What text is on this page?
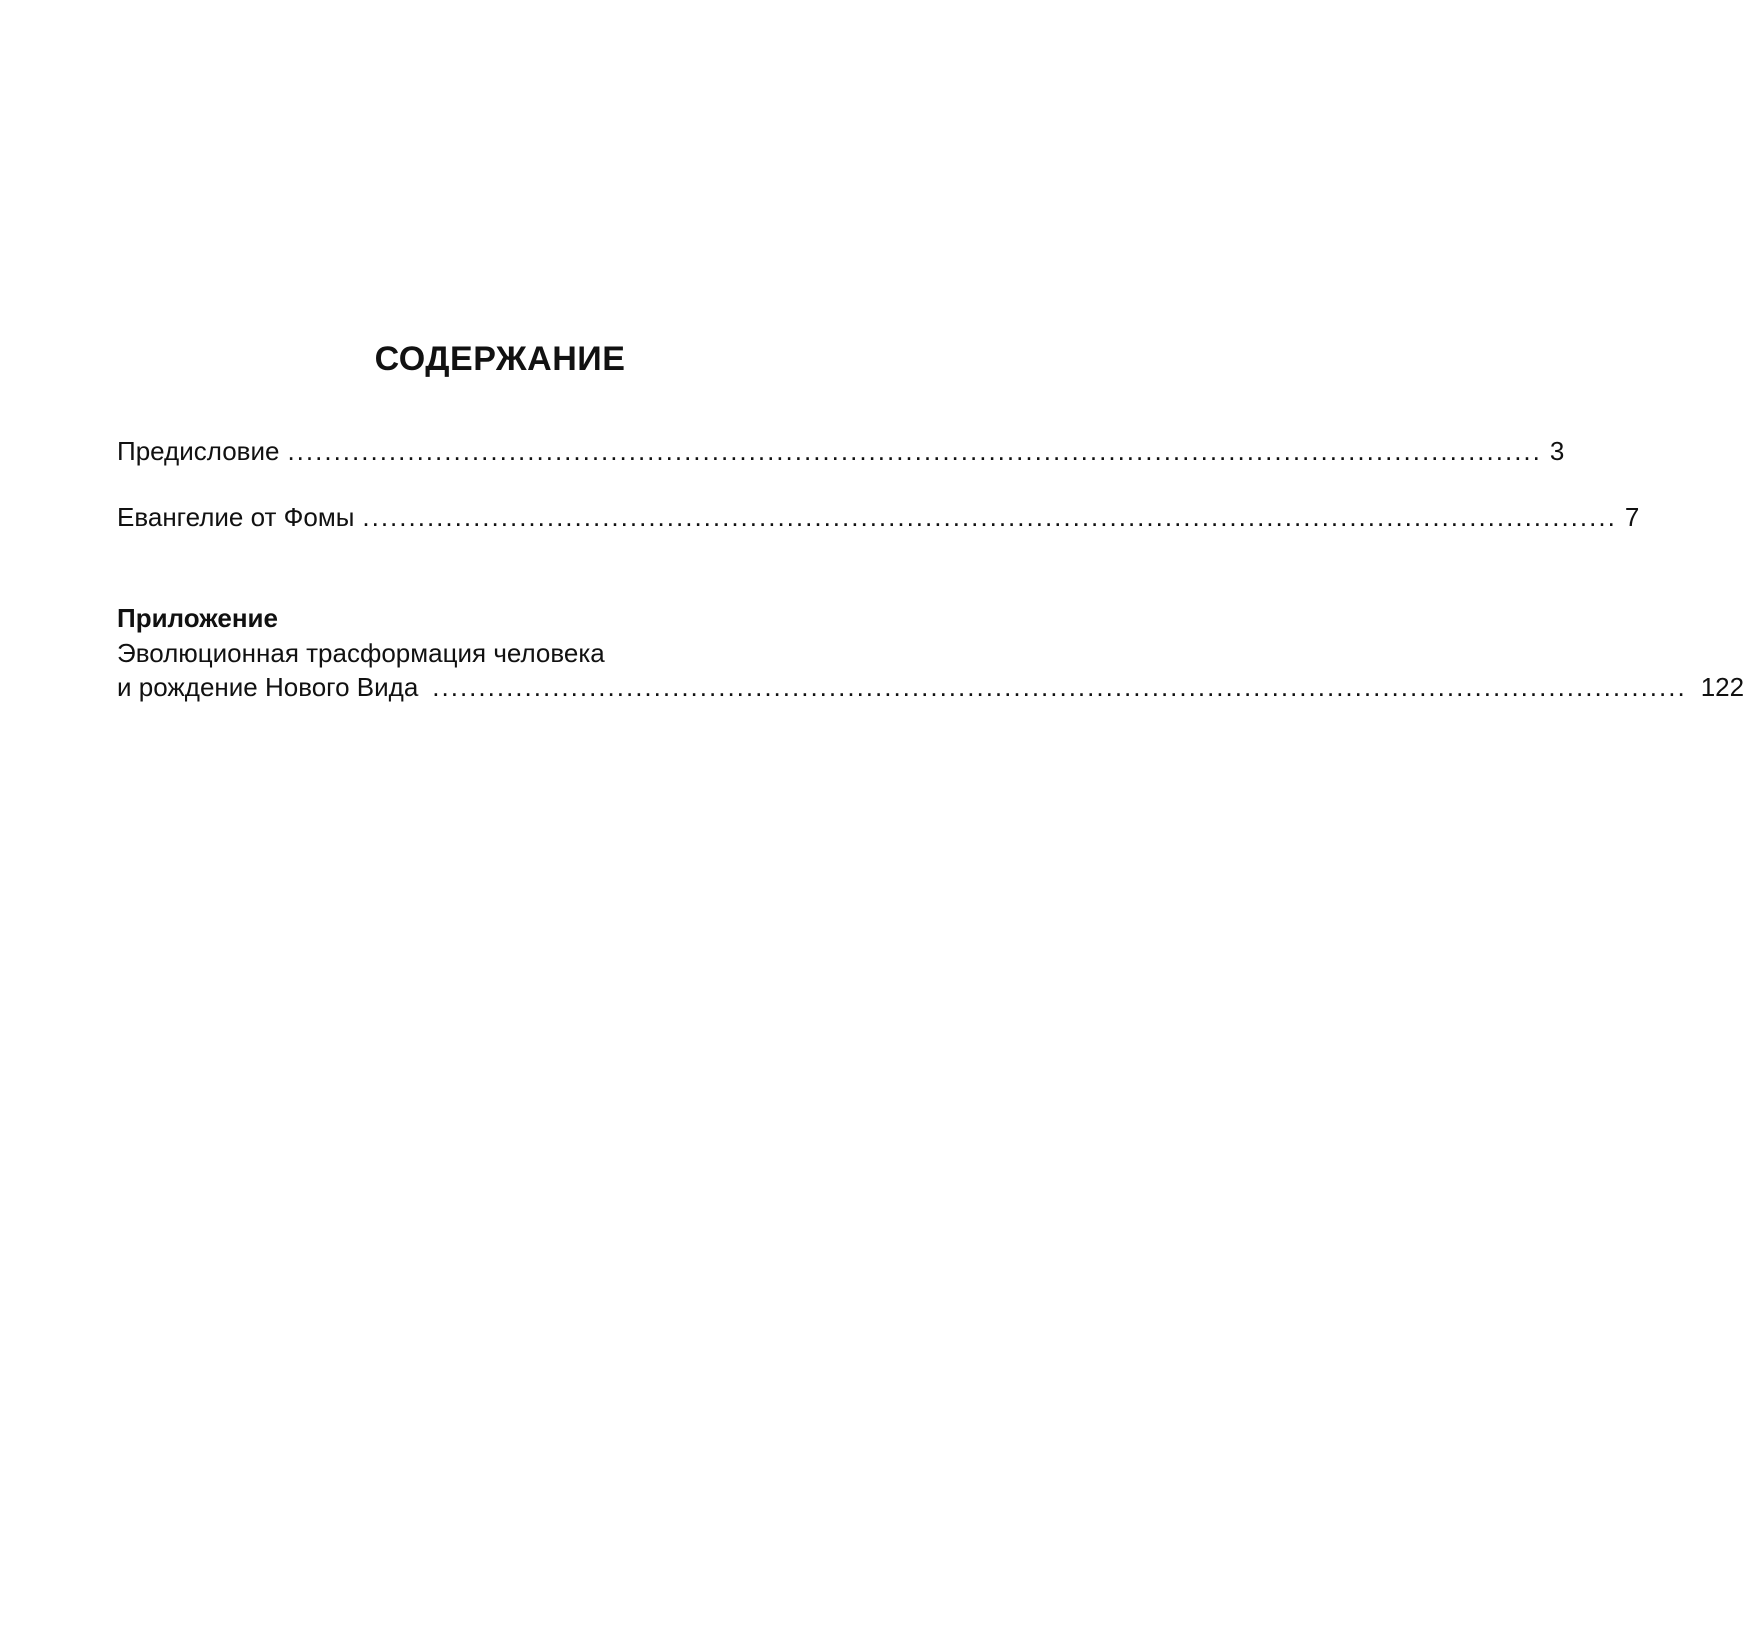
СОДЕРЖАНИЕ
Предисловие ........................................................................................................................................ 3
Евангелие от Фомы ........................................................................................................................................ 7
Приложение
Эволюционная трасформация человека
и рождение Нового Вида ........................................................................................................................................ 122
